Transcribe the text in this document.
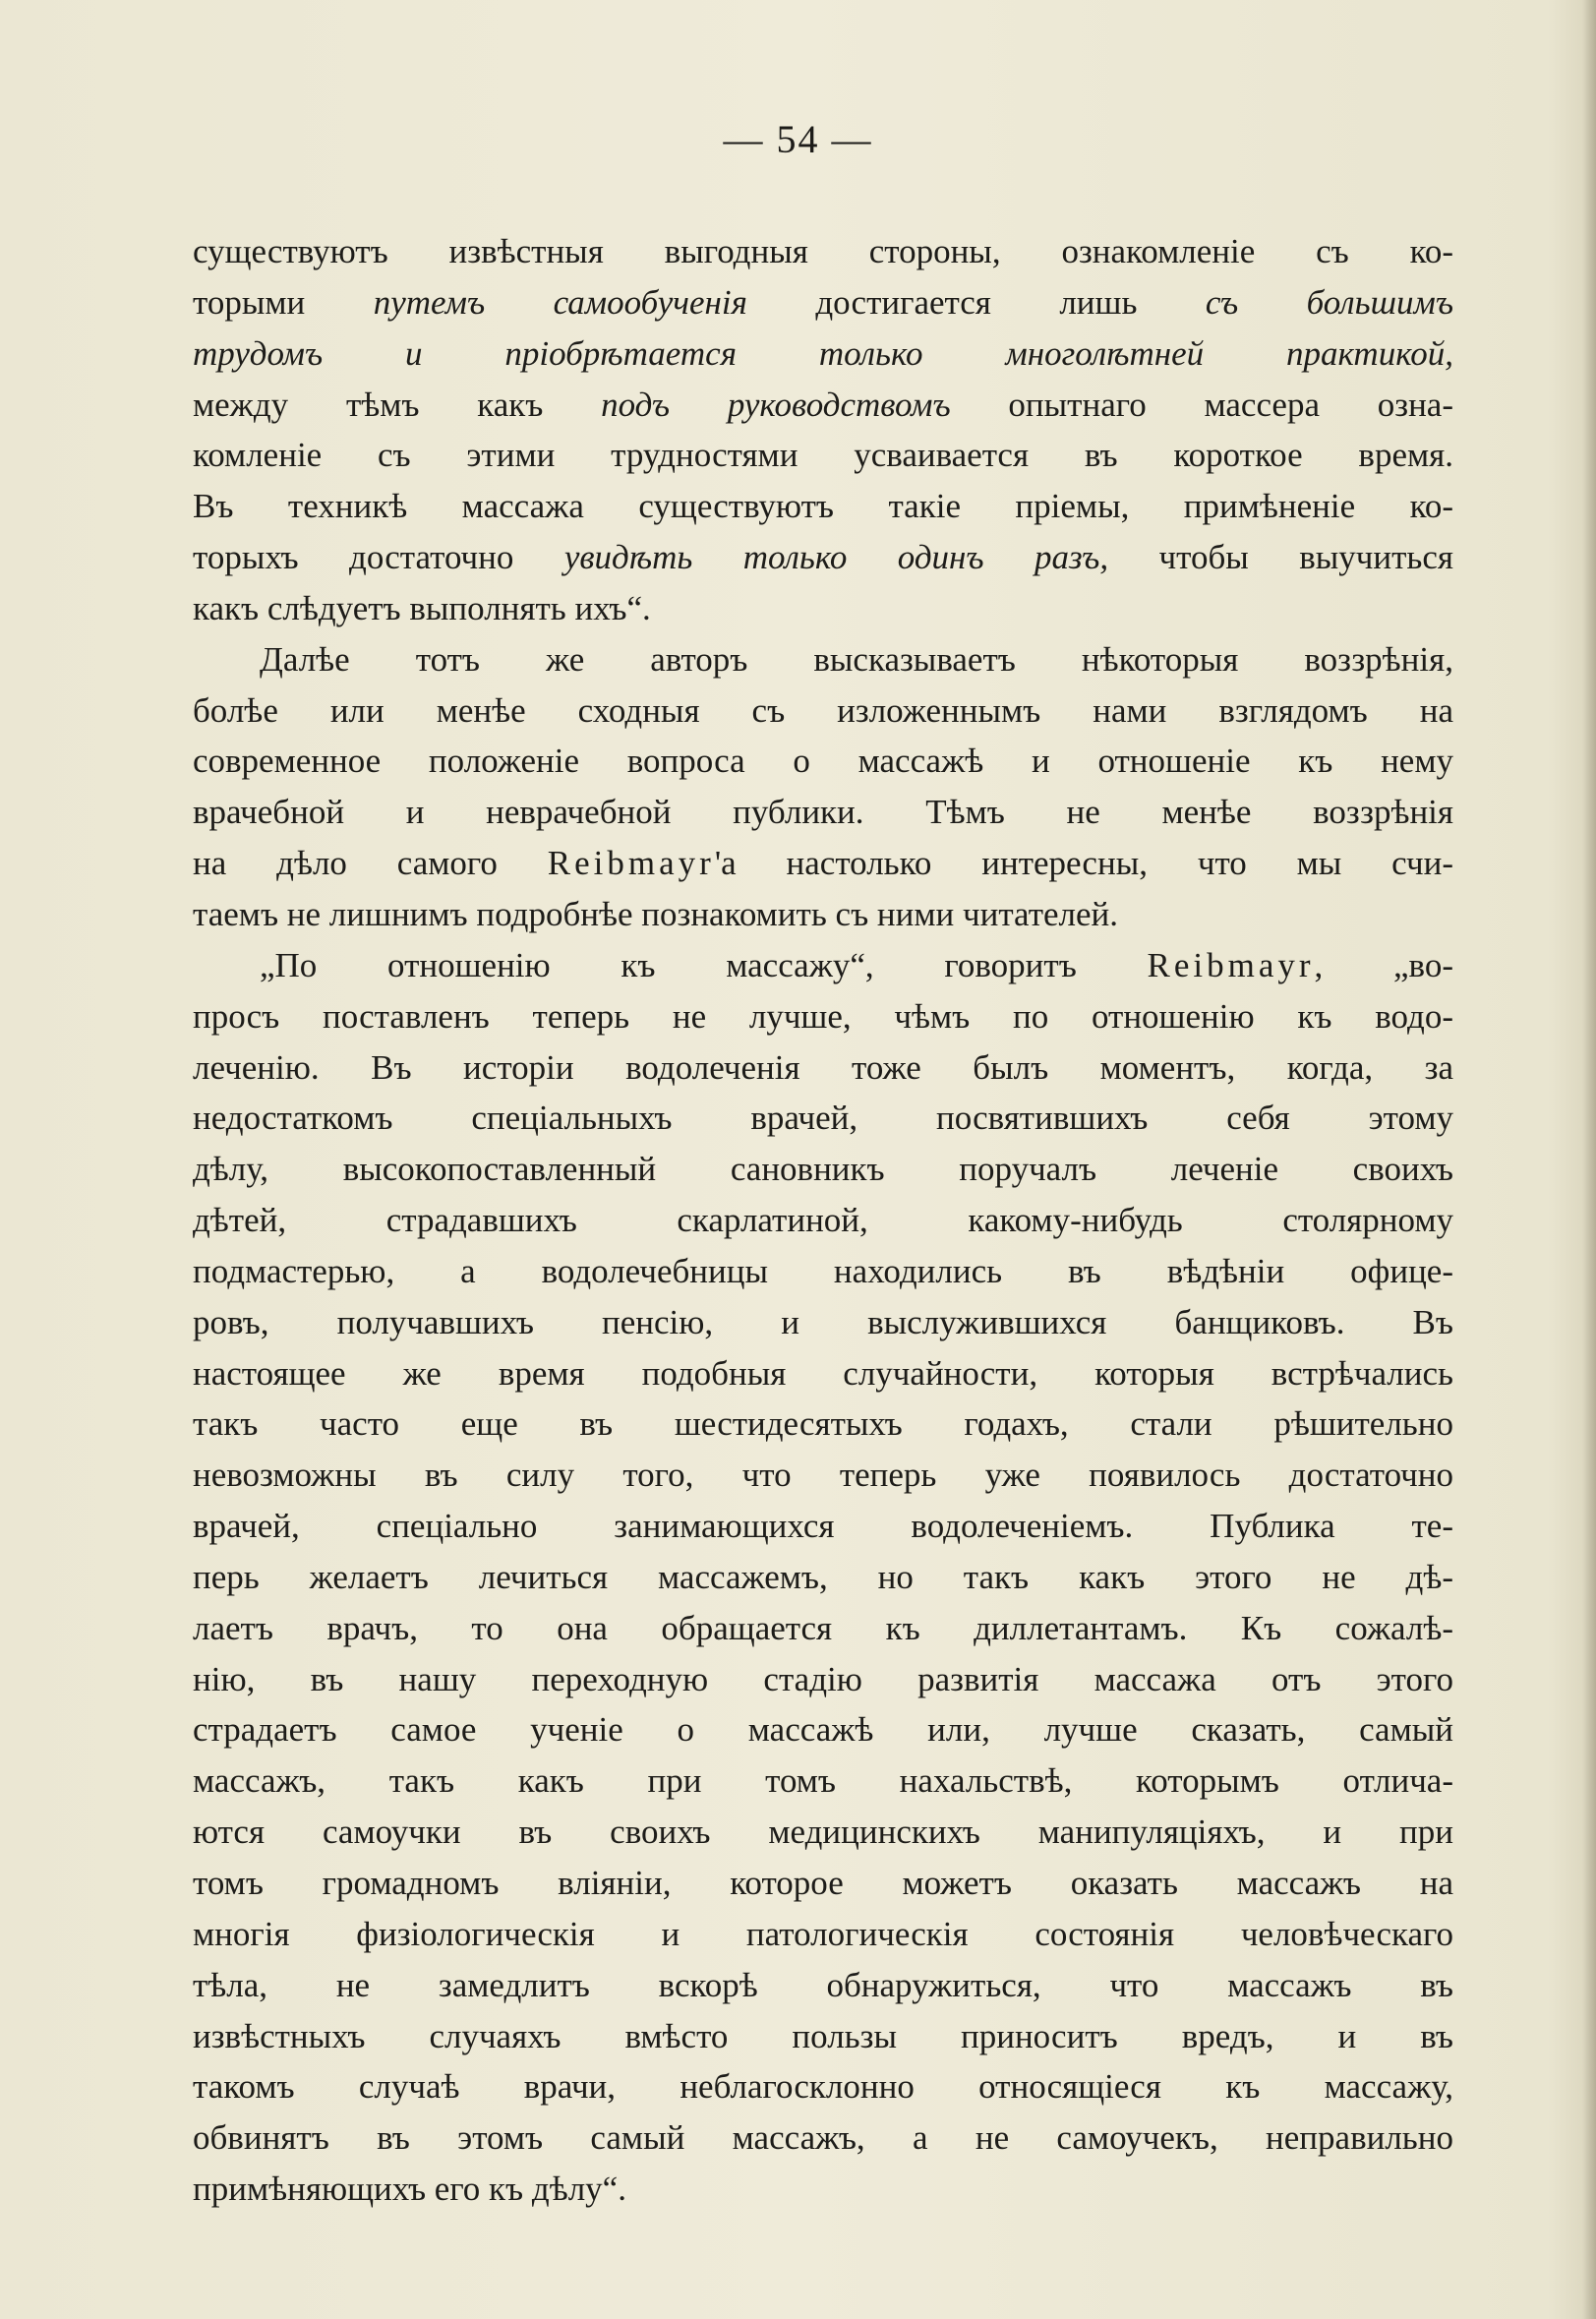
— 54 —
существуютъ извѣстныя выгодныя стороны, ознакомленіе съ ко-
торыми путемъ самообученія достигается лишь съ большимъ
трудомъ и пріобрѣтается только многолѣтней практикой,
между тѣмъ какъ подъ руководствомъ опытнаго массера озна-
комленіе съ этими трудностями усваивается въ короткое время.
Въ техникѣ массажа существуютъ такіе пріемы, примѣненіе ко-
торыхъ достаточно увидѣть только одинъ разъ, чтобы выучиться
какъ слѣдуетъ выполнять ихъ“.
Далѣе тотъ же авторъ высказываетъ нѣкоторыя воззрѣнія,
болѣе или менѣе сходныя съ изложеннымъ нами взглядомъ на
современное положеніе вопроса о массажѣ и отношеніе къ нему
врачебной и неврачебной публики. Тѣмъ не менѣе воззрѣнія
на дѣло самого Reibmayr'а настолько интересны, что мы счи-
таемъ не лишнимъ подробнѣе познакомить съ ними читателей.
„По отношенію къ массажу“, говоритъ Reibmayr, „во-
просъ поставленъ теперь не лучше, чѣмъ по отношенію къ водо-
леченію. Въ исторіи водолеченія тоже былъ моментъ, когда, за
недостаткомъ спеціальныхъ врачей, посвятившихъ себя этому
дѣлу, высокопоставленный сановникъ поручалъ леченіе своихъ
дѣтей, страдавшихъ скарлатиной, какому-нибудь столярному
подмастерью, а водолечебницы находились въ вѣдѣніи офице-
ровъ, получавшихъ пенсію, и выслужившихся банщиковъ. Въ
настоящее же время подобныя случайности, которыя встрѣчались
такъ часто еще въ шестидесятыхъ годахъ, стали рѣшительно
невозможны въ силу того, что теперь уже появилось достаточно
врачей, спеціально занимающихся водолеченіемъ. Публика те-
перь желаетъ лечиться массажемъ, но такъ какъ этого не дѣ-
лаетъ врачъ, то она обращается къ диллетантамъ. Къ сожалѣ-
нію, въ нашу переходную стадію развитія массажа отъ этого
страдаетъ самое ученіе о массажѣ или, лучше сказать, самый
массажъ, такъ какъ при томъ нахальствѣ, которымъ отлича-
ются самоучки въ своихъ медицинскихъ манипуляціяхъ, и при
томъ громадномъ вліяніи, которое можетъ оказать массажъ на
многія физіологическія и патологическія состоянія человѣческаго
тѣла, не замедлитъ вскорѣ обнаружиться, что массажъ въ
извѣстныхъ случаяхъ вмѣсто пользы приноситъ вредъ, и въ
такомъ случаѣ врачи, неблагосклонно относящіеся къ массажу,
обвинятъ въ этомъ самый массажъ, а не самоучекъ, неправильно
примѣняющихъ его къ дѣлу“.
